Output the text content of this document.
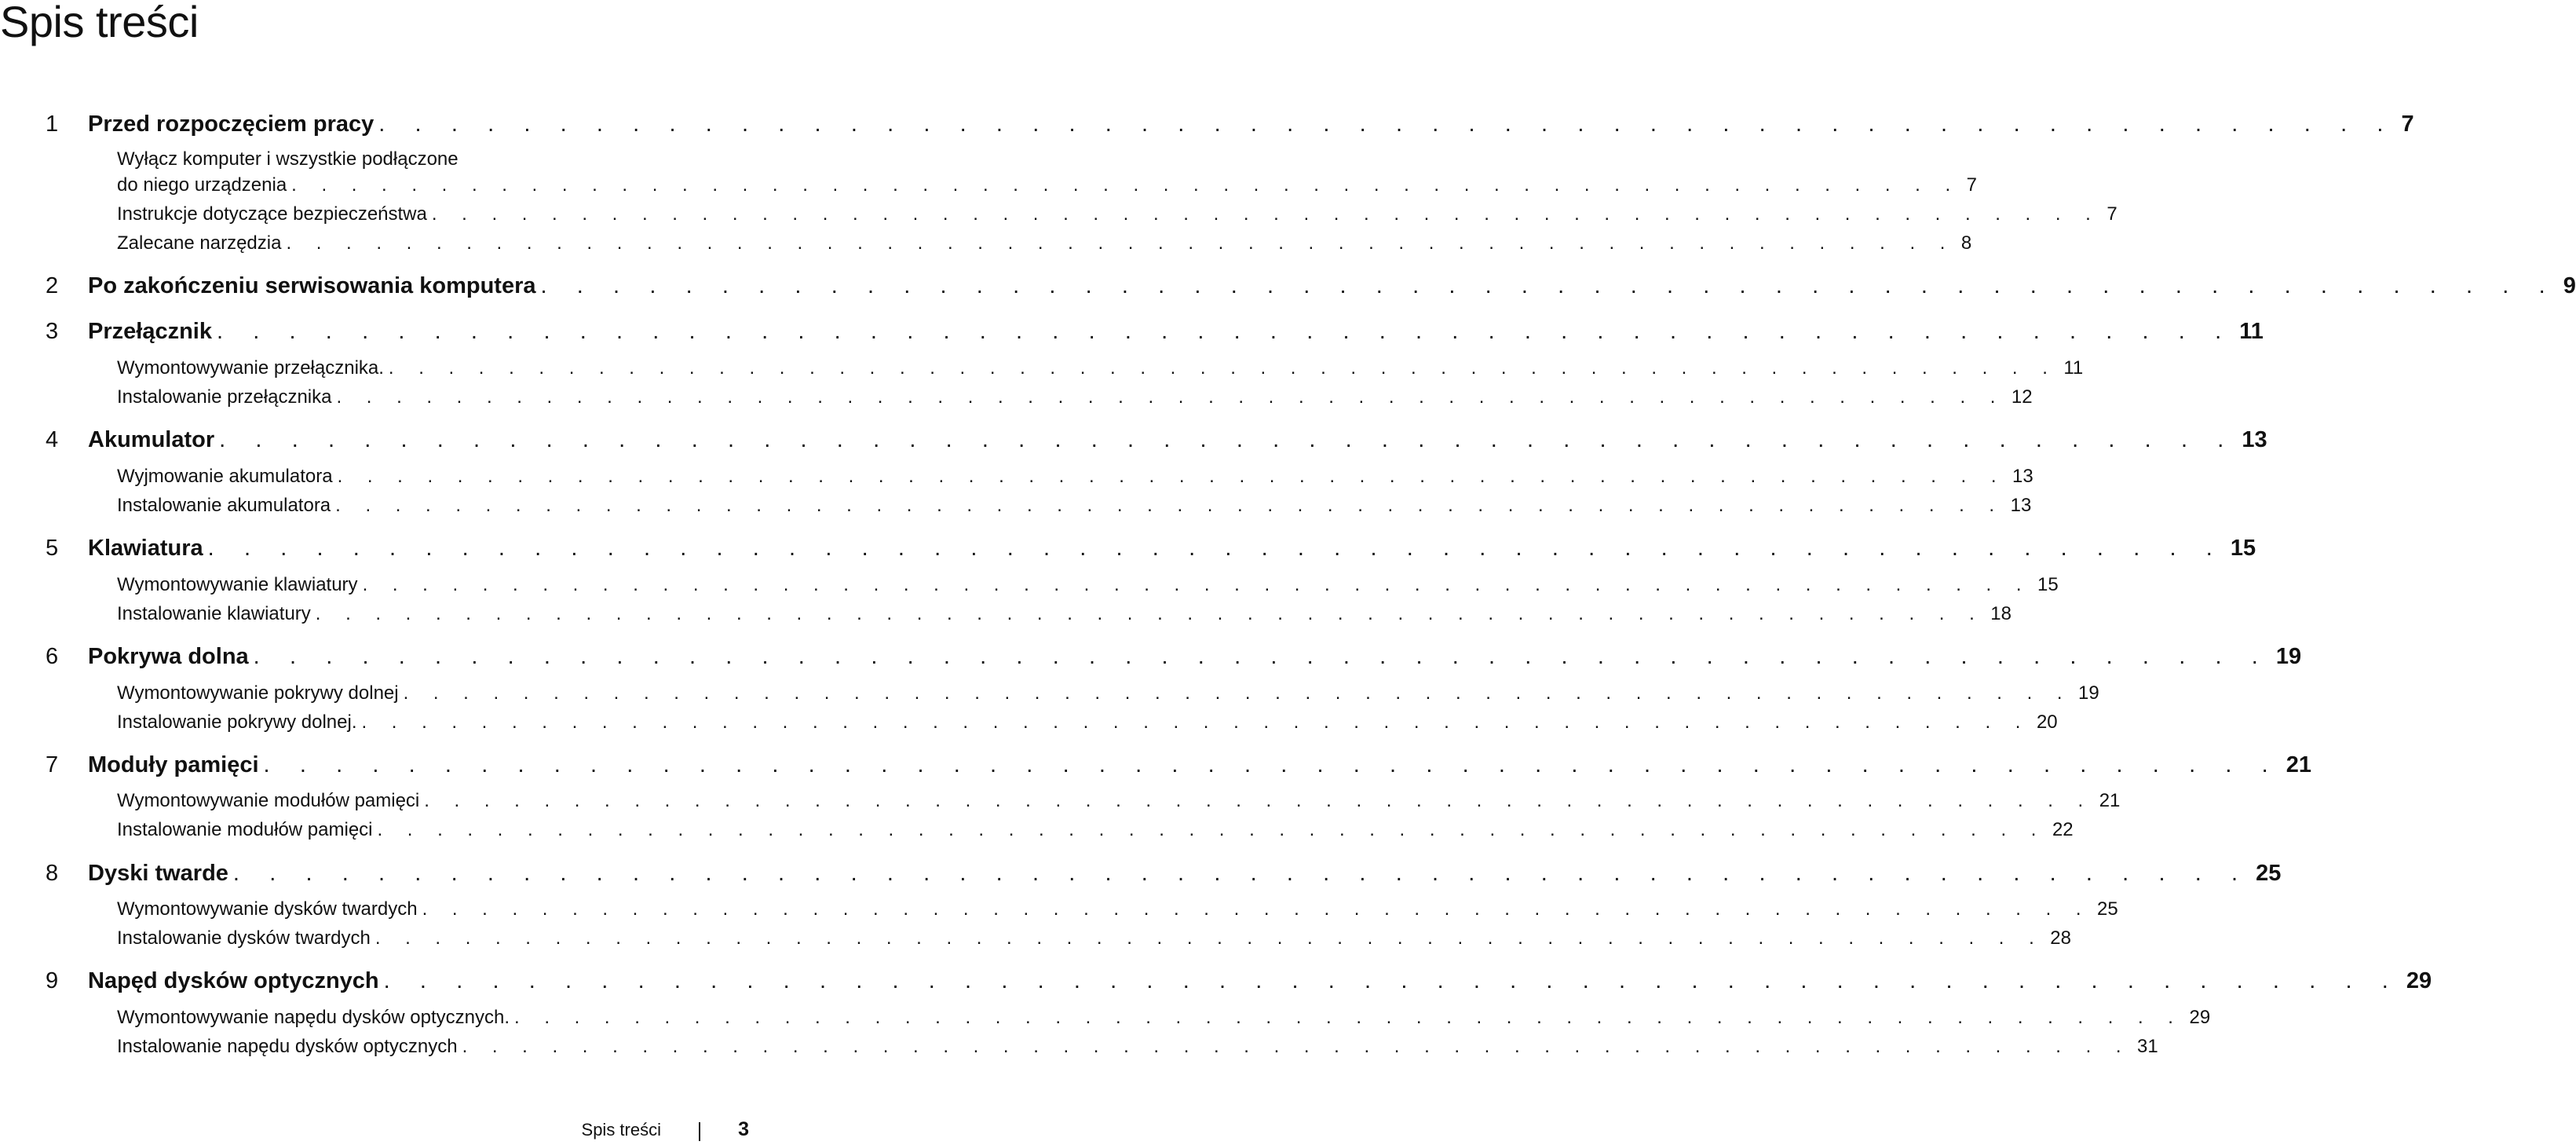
Spis treści
1 Przed rozpoczęciem pracy . . . . . . . . . . . . . . . . . . . . . . . . . . . . . . . . . . . . . . . . . . . . . . . . . . . . . . . . 7
Wyłącz komputer i wszystkie podłączone
do niego urządzenia . . . . . . . . . . . . . . . . . . . . . . . . . . . . . . . . . . . . . . . . . . . . . . . . . . . . . . . . 7
Instrukcje dotyczące bezpieczeństwa . . . . . . . . . . . . . . . . . . . . . . . . . . . . . . . . . . . . . . . . . . . . . . . . . . . . . . . . 7
Zalecane narzędzia . . . . . . . . . . . . . . . . . . . . . . . . . . . . . . . . . . . . . . . . . . . . . . . . . . . . . . . . 8
2 Po zakończeniu serwisowania komputera . . . . . . . . . . . . . . . . . . . . . . . . . . . . . . . . . . . . . . . . . . . . . . . . . . . . . . . . 9
3 Przełącznik . . . . . . . . . . . . . . . . . . . . . . . . . . . . . . . . . . . . . . . . . . . . . . . . . . . . . . . . 11
Wymontowywanie przełącznika. . . . . . . . . . . . . . . . . . . . . . . . . . . . . . . . . . . . . . . . . . . . . . . . . . . . . . . . . 11
Instalowanie przełącznika . . . . . . . . . . . . . . . . . . . . . . . . . . . . . . . . . . . . . . . . . . . . . . . . . . . . . . . . 12
4 Akumulator . . . . . . . . . . . . . . . . . . . . . . . . . . . . . . . . . . . . . . . . . . . . . . . . . . . . . . . . 13
Wyjmowanie akumulatora . . . . . . . . . . . . . . . . . . . . . . . . . . . . . . . . . . . . . . . . . . . . . . . . . . . . . . . . 13
Instalowanie akumulatora . . . . . . . . . . . . . . . . . . . . . . . . . . . . . . . . . . . . . . . . . . . . . . . . . . . . . . . . 13
5 Klawiatura . . . . . . . . . . . . . . . . . . . . . . . . . . . . . . . . . . . . . . . . . . . . . . . . . . . . . . . . 15
Wymontowywanie klawiatury . . . . . . . . . . . . . . . . . . . . . . . . . . . . . . . . . . . . . . . . . . . . . . . . . . . . . . . . 15
Instalowanie klawiatury . . . . . . . . . . . . . . . . . . . . . . . . . . . . . . . . . . . . . . . . . . . . . . . . . . . . . . . . 18
6 Pokrywa dolna . . . . . . . . . . . . . . . . . . . . . . . . . . . . . . . . . . . . . . . . . . . . . . . . . . . . . . . . 19
Wymontowywanie pokrywy dolnej . . . . . . . . . . . . . . . . . . . . . . . . . . . . . . . . . . . . . . . . . . . . . . . . . . . . . . . . 19
Instalowanie pokrywy dolnej. . . . . . . . . . . . . . . . . . . . . . . . . . . . . . . . . . . . . . . . . . . . . . . . . . . . . . . . . 20
7 Moduły pamięci . . . . . . . . . . . . . . . . . . . . . . . . . . . . . . . . . . . . . . . . . . . . . . . . . . . . . . . . 21
Wymontowywanie modułów pamięci . . . . . . . . . . . . . . . . . . . . . . . . . . . . . . . . . . . . . . . . . . . . . . . . . . . . . . . . 21
Instalowanie modułów pamięci . . . . . . . . . . . . . . . . . . . . . . . . . . . . . . . . . . . . . . . . . . . . . . . . . . . . . . . . 22
8 Dyski twarde . . . . . . . . . . . . . . . . . . . . . . . . . . . . . . . . . . . . . . . . . . . . . . . . . . . . . . . . 25
Wymontowywanie dysków twardych . . . . . . . . . . . . . . . . . . . . . . . . . . . . . . . . . . . . . . . . . . . . . . . . . . . . . . . . 25
Instalowanie dysków twardych . . . . . . . . . . . . . . . . . . . . . . . . . . . . . . . . . . . . . . . . . . . . . . . . . . . . . . . . 28
9 Napęd dysków optycznych . . . . . . . . . . . . . . . . . . . . . . . . . . . . . . . . . . . . . . . . . . . . . . . . . . . . . . . . 29
Wymontowywanie napędu dysków optycznych. . . . . . . . . . . . . . . . . . . . . . . . . . . . . . . . . . . . . . . . . . . . . . . . . . . . . . . . . 29
Instalowanie napędu dysków optycznych . . . . . . . . . . . . . . . . . . . . . . . . . . . . . . . . . . . . . . . . . . . . . . . . . . . . . . . . 31
Spis treści	3
